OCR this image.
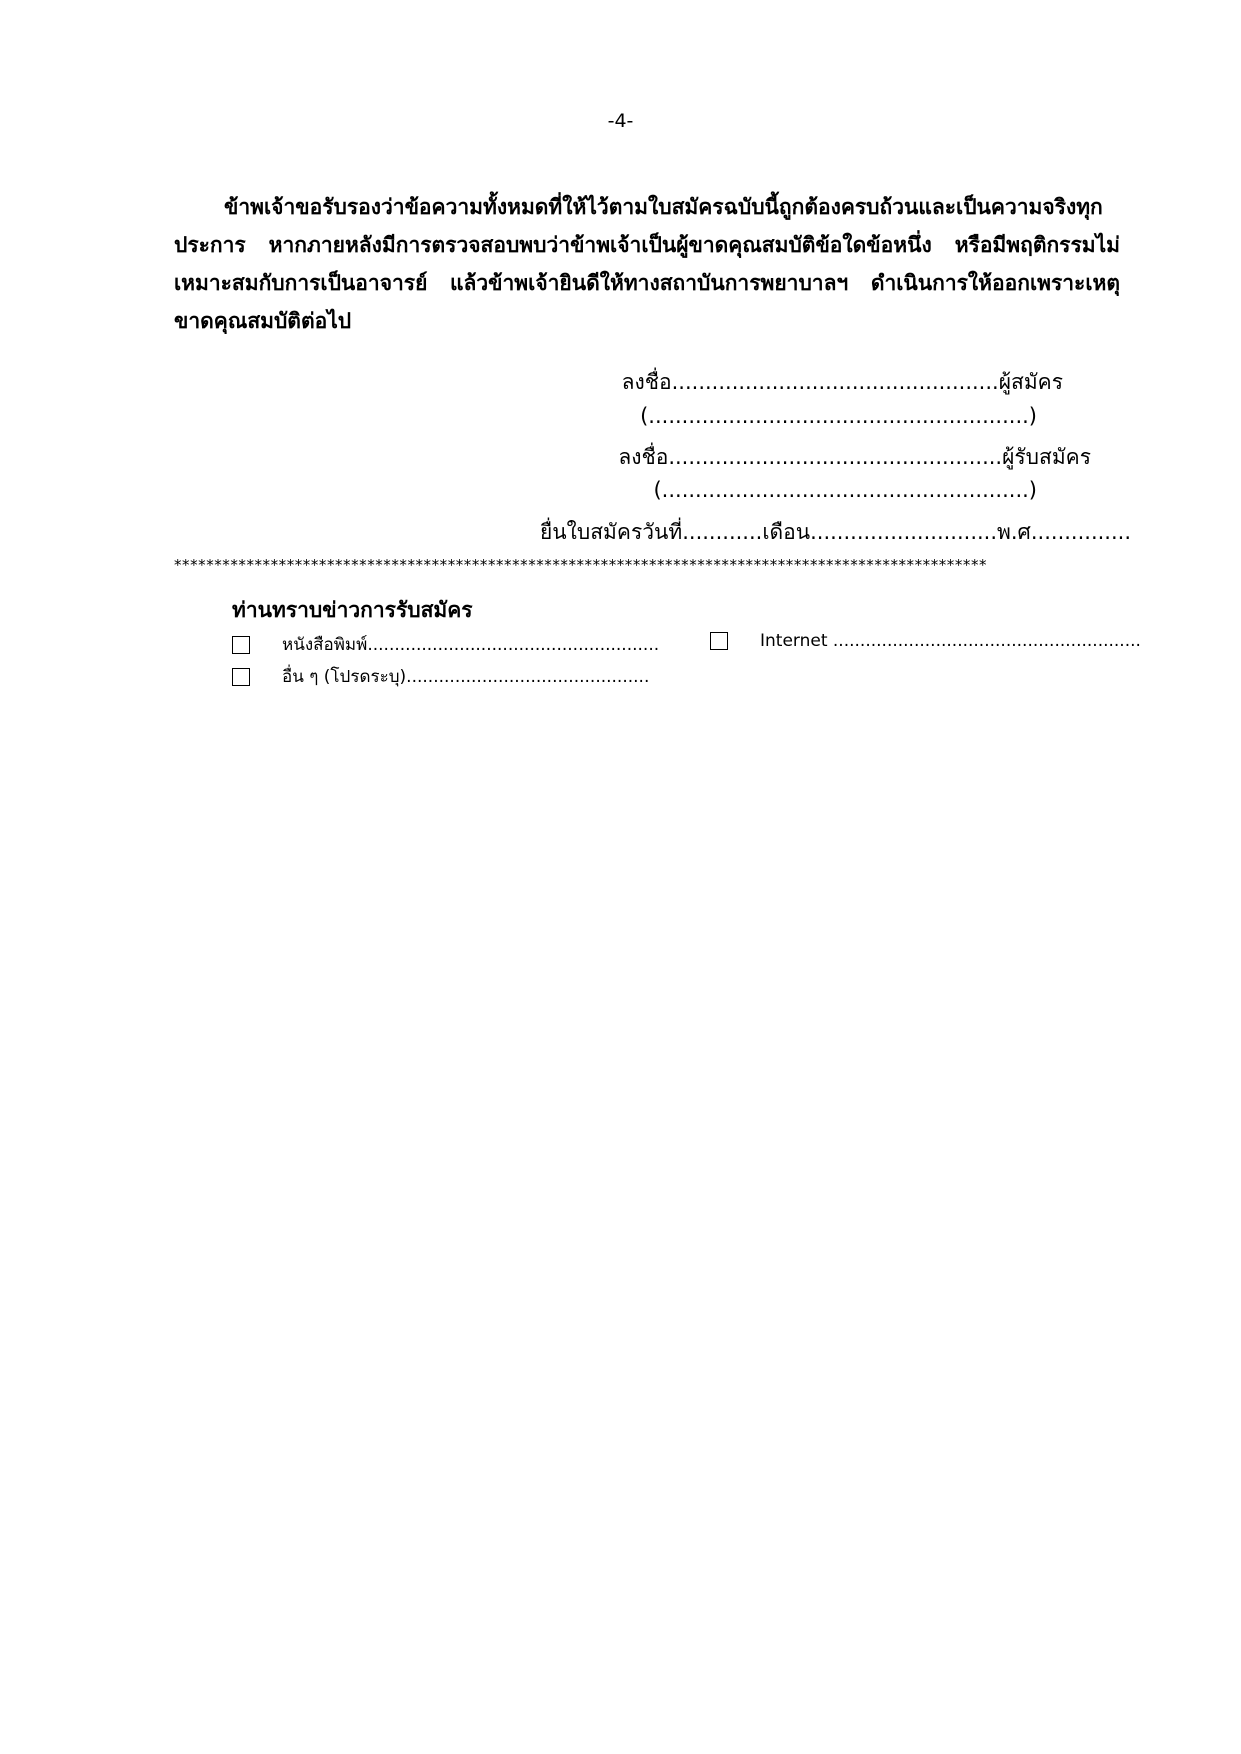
-4-

ข้าพเจ้าขอรับรองว่าข้อความทั้งหมดที่ให้ไว้ตามใบสมัครฉบับนี้ถูกต้องครบถ้วนและเป็นความจริงทุกประการ หากภายหลังมีการตรวจสอบพบว่าข้าพเจ้าเป็นผู้ขาดคุณสมบัติข้อใดข้อหนึ่ง หรือมีพฤติกรรมไม่เหมาะสมกับการเป็นอาจารย์ แล้วข้าพเจ้ายินดีให้ทางสถาบันการพยาบาลฯ ดำเนินการให้ออกเพราะเหตุขาดคุณสมบัติต่อไป

ลงชื่อ.................................................ผู้สมัคร
(.........................................................)
ลงชื่อ..................................................ผู้รับสมัคร
(.......................................................)
ยื่นใบสมัครวันที่............เดือน............................พ.ศ...............
*****************************************************************************************************
ท่านทราบข่าวการรับสมัคร
หนังสือพิมพ์......................................................	Internet .........................................................
อื่น ๆ (โปรดระบุ).............................................
